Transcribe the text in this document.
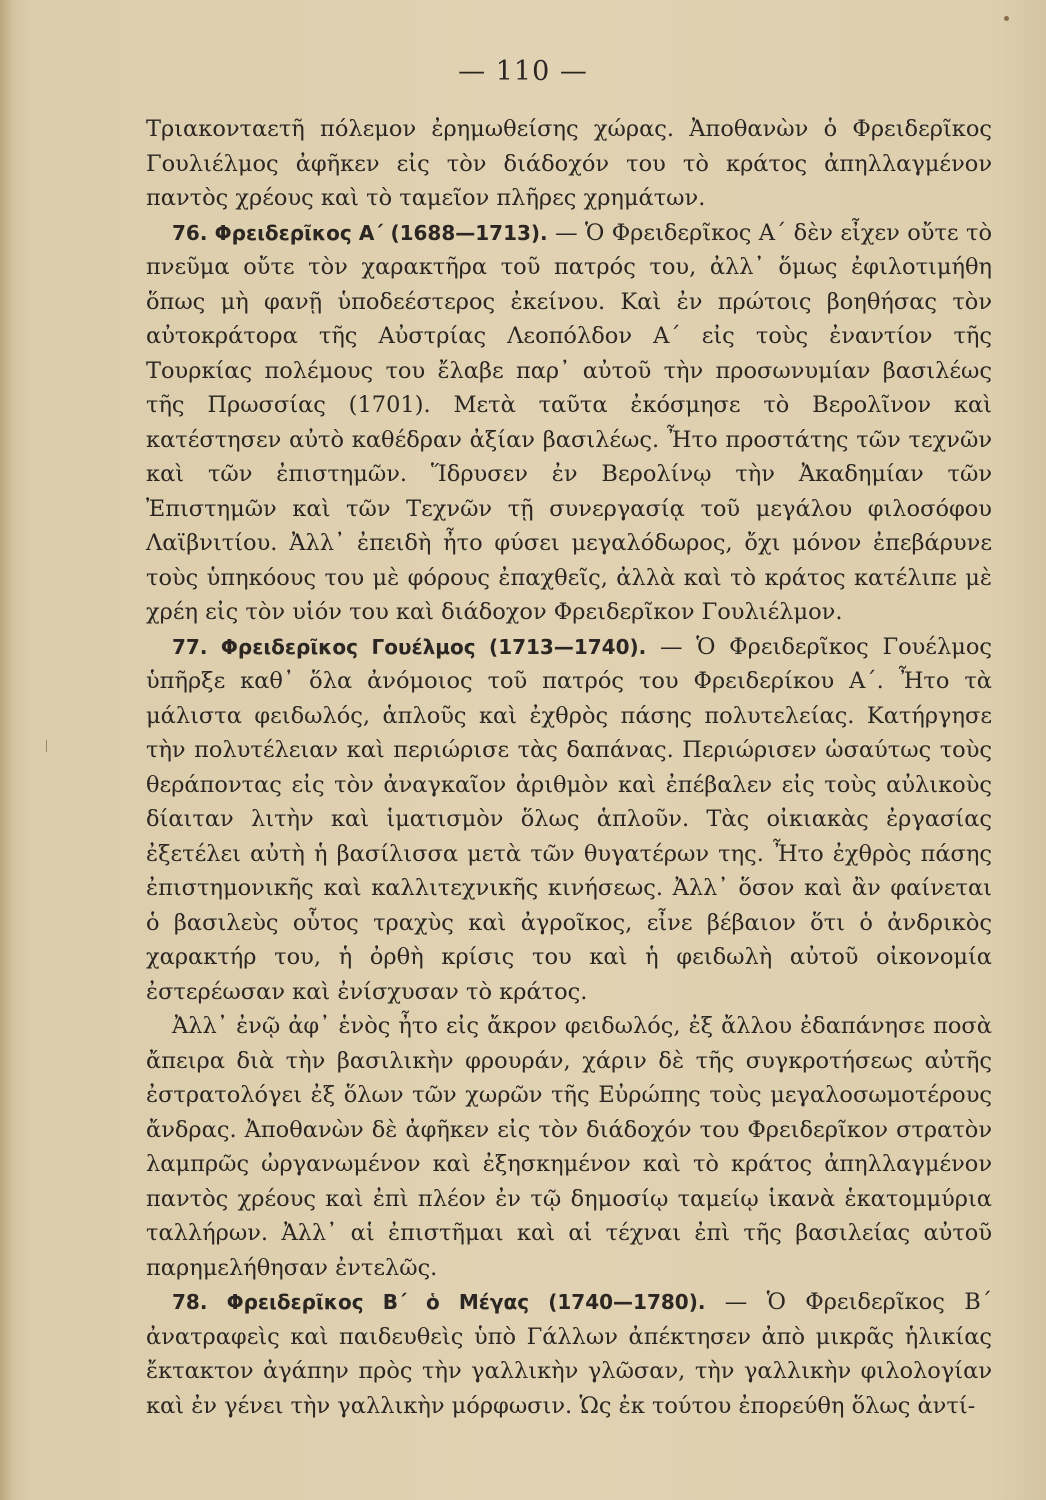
— 110 —

Τριακονταετῆ πόλεμον ἐρημωθείσης χώρας. Ἀποθανὼν ὁ Φρειδερῖκος Γουλιέλμος ἀφῆκεν εἰς τὸν διάδοχόν του τὸ κράτος ἀπηλλαγμένον παντὸς χρέους καὶ τὸ ταμεῖον πλῆρες χρημάτων.

76. Φρειδερῖκος Α΄ (1688—1713). — Ὁ Φρειδερῖκος Α΄ δὲν εἶχεν οὔτε τὸ πνεῦμα οὔτε τὸν χαρακτῆρα τοῦ πατρός του, ἀλλ᾽ ὅμως ἐφιλοτιμήθη ὅπως μὴ φανῇ ὑποδεέστερος ἐκείνου. Καὶ ἐν πρώτοις βοηθήσας τὸν αὐτοκράτορα τῆς Αὐστρίας Λεοπόλδον Α΄ εἰς τοὺς ἐναντίον τῆς Τουρκίας πολέμους του ἔλαβε παρ᾽ αὐτοῦ τὴν προσωνυμίαν βασιλέως τῆς Πρωσσίας (1701). Μετὰ ταῦτα ἐκόσμησε τὸ Βερολῖνον καὶ κατέστησεν αὐτὸ καθέδραν ἀξίαν βασιλέως. Ἦτο προστάτης τῶν τεχνῶν καὶ τῶν ἐπιστημῶν. Ἵδρυσεν ἐν Βερολίνῳ τὴν Ἀκαδημίαν τῶν Ἐπιστημῶν καὶ τῶν Τεχνῶν τῇ συνεργασίᾳ τοῦ μεγάλου φιλοσόφου Λαϊβνιτίου. Ἀλλ᾽ ἐπειδὴ ἦτο φύσει μεγαλόδωρος, ὄχι μόνον ἐπεβάρυνε τοὺς ὑπηκόους του μὲ φόρους ἐπαχθεῖς, ἀλλὰ καὶ τὸ κράτος κατέλιπε μὲ χρέη εἰς τὸν υἱόν του καὶ διάδοχον Φρειδερῖκον Γουλιέλμον.

77. Φρειδερῖκος Γουέλμος (1713—1740). — Ὁ Φρειδερῖκος Γουέλμος ὑπῆρξε καθ᾽ ὅλα ἀνόμοιος τοῦ πατρός του Φρειδερίκου Α΄. Ἦτο τὰ μάλιστα φειδωλός, ἁπλοῦς καὶ ἐχθρὸς πάσης πολυτελείας. Κατήργησε τὴν πολυτέλειαν καὶ περιώρισε τὰς δαπάνας. Περιώρισεν ὡσαύτως τοὺς θεράποντας εἰς τὸν ἀναγκαῖον ἀριθμὸν καὶ ἐπέβαλεν εἰς τοὺς αὐλικοὺς δίαιταν λιτὴν καὶ ἱματισμὸν ὅλως ἁπλοῦν. Τὰς οἰκιακὰς ἐργασίας ἐξετέλει αὐτὴ ἡ βασίλισσα μετὰ τῶν θυγατέρων της. Ἦτο ἐχθρὸς πάσης ἐπιστημονικῆς καὶ καλλιτεχνικῆς κινήσεως. Ἀλλ᾽ ὅσον καὶ ἂν φαίνεται ὁ βασιλεὺς οὗτος τραχὺς καὶ ἀγροῖκος, εἶνε βέβαιον ὅτι ὁ ἀνδρικὸς χαρακτήρ του, ἡ ὀρθὴ κρίσις του καὶ ἡ φειδωλὴ αὐτοῦ οἰκονομία ἐστερέωσαν καὶ ἐνίσχυσαν τὸ κράτος.

Ἀλλ᾽ ἐνῷ ἀφ᾽ ἑνὸς ἦτο εἰς ἄκρον φειδωλός, ἐξ ἄλλου ἐδαπάνησε ποσὰ ἄπειρα διὰ τὴν βασιλικὴν φρουράν, χάριν δὲ τῆς συγκροτήσεως αὐτῆς ἐστρατολόγει ἐξ ὅλων τῶν χωρῶν τῆς Εὐρώπης τοὺς μεγαλοσωμοτέρους ἄνδρας. Ἀποθανὼν δὲ ἀφῆκεν εἰς τὸν διάδοχόν του Φρειδερῖκον στρατὸν λαμπρῶς ὠργανωμένον καὶ ἐξησκημένον καὶ τὸ κράτος ἀπηλλαγμένον παντὸς χρέους καὶ ἐπὶ πλέον ἐν τῷ δημοσίῳ ταμείῳ ἱκανὰ ἑκατομμύρια ταλλήρων. Ἀλλ᾽ αἱ ἐπιστῆμαι καὶ αἱ τέχναι ἐπὶ τῆς βασιλείας αὐτοῦ παρημελήθησαν ἐντελῶς.

78. Φρειδερῖκος Β΄ ὁ Μέγας (1740—1780). — Ὁ Φρειδερῖκος Β΄ ἀνατραφεὶς καὶ παιδευθεὶς ὑπὸ Γάλλων ἀπέκτησεν ἀπὸ μικρᾶς ἡλικίας ἔκτακτον ἀγάπην πρὸς τὴν γαλλικὴν γλῶσαν, τὴν γαλλικὴν φιλολογίαν καὶ ἐν γένει τὴν γαλλικὴν μόρφωσιν. Ὡς ἐκ τούτου ἐπορεύθη ὅλως ἀντί-
